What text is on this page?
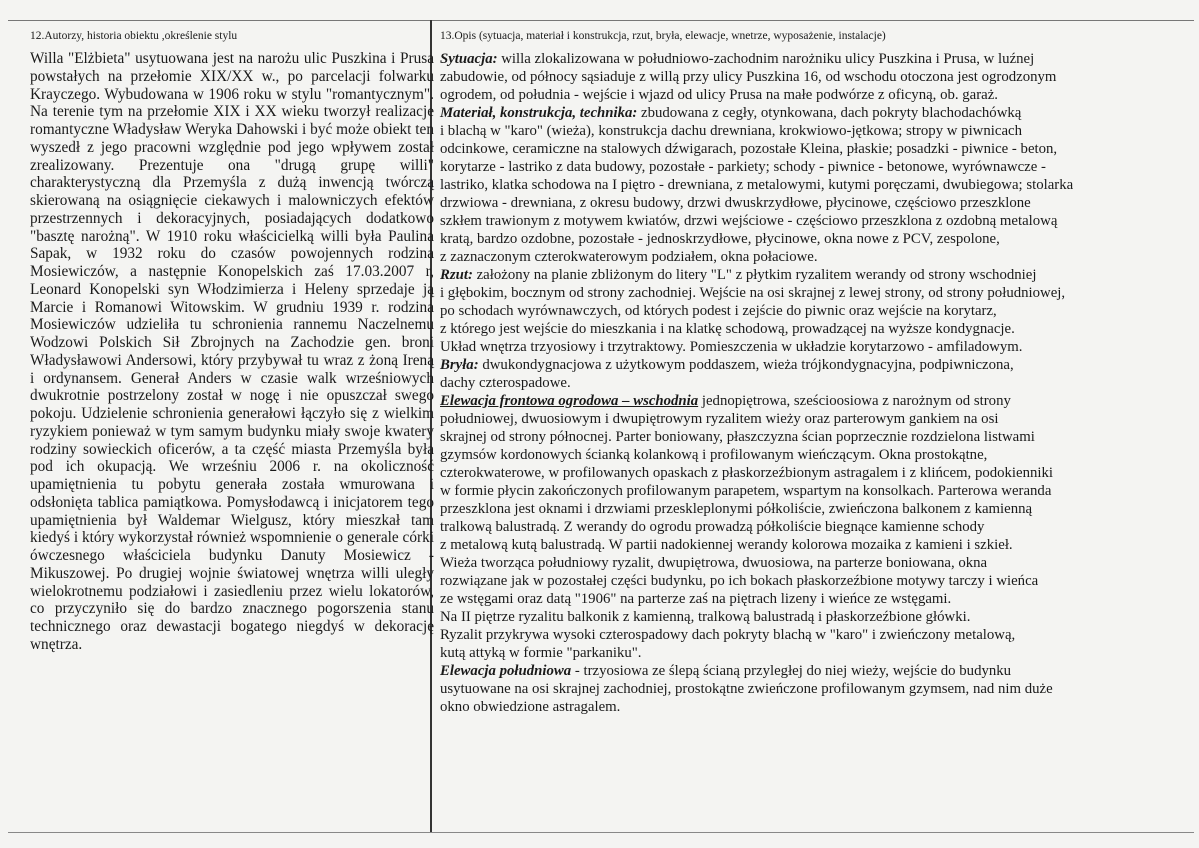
12.Autorzy, historia obiektu ,określenie stylu

Willa "Elżbieta" usytuowana jest na narożu ulic Puszkina i Prusa powstałych na przełomie XIX/XX w., po parcelacji folwarku Krayczego. Wybudowana w 1906 roku w stylu "romantycznym". Na terenie tym na przełomie XIX i XX wieku tworzył realizacje romantyczne Władysław Weryka Dahowski i być może obiekt ten wyszedł z jego pracowni względnie pod jego wpływem został zrealizowany. Prezentuje ona "drugą grupę willi" charakterystyczną dla Przemyśla z dużą inwencją twórczą skierowaną na osiągnięcie ciekawych i malowniczych efektów przestrzennych i dekoracyjnych, posiadających dodatkowo "basztę narożną". W 1910 roku właścicielką willi była Paulina Sapak, w 1932 roku do czasów powojennych rodzina Mosiewiczów, a następnie Konopelskich zaś 17.03.2007 r, Leonard Konopelski syn Włodzimierza i Heleny sprzedaje ją Marcie i Romanowi Witowskim. W grudniu 1939 r. rodzina Mosiewiczów udzieliła tu schronienia rannemu Naczelnemu Wodzowi Polskich Sił Zbrojnych na Zachodzie gen. broni Władysławowi Andersowi, który przybywał tu wraz z żoną Ireną i ordynansem. Generał Anders w czasie walk wrześniowych dwukrotnie postrzelony został w nogę i nie opuszczał swego pokoju. Udzielenie schronienia generałowi łączyło się z wielkim ryzykiem ponieważ w tym samym budynku miały swoje kwatery rodziny sowieckich oficerów, a ta część miasta Przemyśla była pod ich okupacją. We wrześniu 2006 r. na okoliczność upamiętnienia tu pobytu generała została wmurowana i odsłonięta tablica pamiątkowa. Pomysłodawcą i inicjatorem tego upamiętnienia był Waldemar Wielgusz, który mieszkał tam kiedyś i który wykorzystał również wspomnienie o generale córki ówczesnego właściciela budynku Danuty Mosiewicz - Mikuszowej. Po drugiej wojnie światowej wnętrza willi uległy wielokrotnemu podziałowi i zasiedleniu przez wielu lokatorów, co przyczyniło się do bardzo znacznego pogorszenia stanu technicznego oraz dewastacji bogatego niegdyś w dekorację wnętrza.

13.Opis (sytuacja, materiał i konstrukcja, rzut, bryła, elewacje, wnetrze, wyposażenie, instalacje)

Sytuacja: willa zlokalizowana w południowo-zachodnim narożniku ulicy Puszkina i Prusa, w luźnej
zabudowie, od północy sąsiaduje z willą przy ulicy Puszkina 16, od wschodu otoczona jest ogrodzonym
ogrodem, od południa - wejście i wjazd od ulicy Prusa na małe podwórze z oficyną, ob. garaż.

Materiał, konstrukcja, technika: zbudowana z cegły, otynkowana, dach pokryty blachodachówką
i blachą w "karo" (wieża), konstrukcja dachu drewniana, krokwiowo-jętkowa; stropy w piwnicach
odcinkowe, ceramiczne na stalowych dźwigarach, pozostałe Kleina, płaskie; posadzki - piwnice - beton,
korytarze - lastriko z data budowy, pozostałe - parkiety; schody - piwnice - betonowe, wyrównawcze -
lastriko, klatka schodowa na I piętro - drewniana, z metalowymi, kutymi poręczami, dwubiegowa; stolarka
drzwiowa - drewniana, z okresu budowy, drzwi dwuskrzydłowe, płycinowe, częściowo przeszklone
szkłem trawionym z motywem kwiatów, drzwi wejściowe - częściowo przeszklona z ozdobną metalową
kratą, bardzo ozdobne, pozostałe - jednoskrzydłowe, płycinowe, okna nowe z PCV, zespolone,
z zaznaczonym czterokwaterowym podziałem, okna połaciowe.

Rzut: założony na planie zbliżonym do litery "L" z płytkim ryzalitem werandy od strony wschodniej
i głębokim, bocznym od strony zachodniej. Wejście na osi skrajnej z lewej strony, od strony południowej,
po schodach wyrównawczych, od których podest i zejście do piwnic oraz wejście na korytarz,
z którego jest wejście do mieszkania i na klatkę schodową, prowadzącej na wyższe kondygnacje.
Układ wnętrza trzyosiowy i trzytraktowy. Pomieszczenia w układzie korytarzowo - amfiladowym.

Bryła: dwukondygnacjowa z użytkowym poddaszem, wieża trójkondygnacyjna, podpiwniczona,
dachy czterospadowe.

Elewacja frontowa ogrodowa – wschodnia jednopiętrowa, sześcioosiowa z narożnym od strony
południowej, dwuosiowym i dwupiętrowym ryzalitem wieży oraz parterowym gankiem na osi
skrajnej od strony północnej. Parter boniowany, płaszczyzna ścian poprzecznie rozdzielona listwami
gzymsów kordonowych ścianką kolankową i profilowanym wieńczącym. Okna prostokątne,
czterokwaterowe, w profilowanych opaskach z płaskorzeźbionym astragalem i z klińcem, podokienniki
w formie płycin zakończonych profilowanym parapetem, wspartym na konsolkach. Parterowa weranda
przeszklona jest oknami i drzwiami przeskleplonymi półkoliście, zwieńczona balkonem z kamienną
tralkową balustradą. Z werandy do ogrodu prowadzą półkoliście biegnące kamienne schody
z metalową kutą balustradą. W partii nadokiennej werandy kolorowa mozaika z kamieni i szkieł.
Wieża tworząca południowy ryzalit, dwupiętrowa, dwuosiowa, na parterze boniowana, okna
rozwiązane jak w pozostałej części budynku, po ich bokach płaskorzeźbione motywy tarczy i wieńca
ze wstęgami oraz datą "1906" na parterze zaś na piętrach lizeny i wieńce ze wstęgami.
Na II piętrze ryzalitu balkonik z kamienną, tralkową balustradą i płaskorzeźbione główki.
Ryzalit przykrywa wysoki czterospadowy dach pokryty blachą w "karo" i zwieńczony metalową,
kutą attyką w formie "parkaniku".

Elewacja południowa - trzyosiowa ze ślepą ścianą przyległej do niej wieży, wejście do budynku
usytuowane na osi skrajnej zachodniej, prostokątne zwieńczone profilowanym gzymsem, nad nim duże
okno obwiedzione astragalem.
